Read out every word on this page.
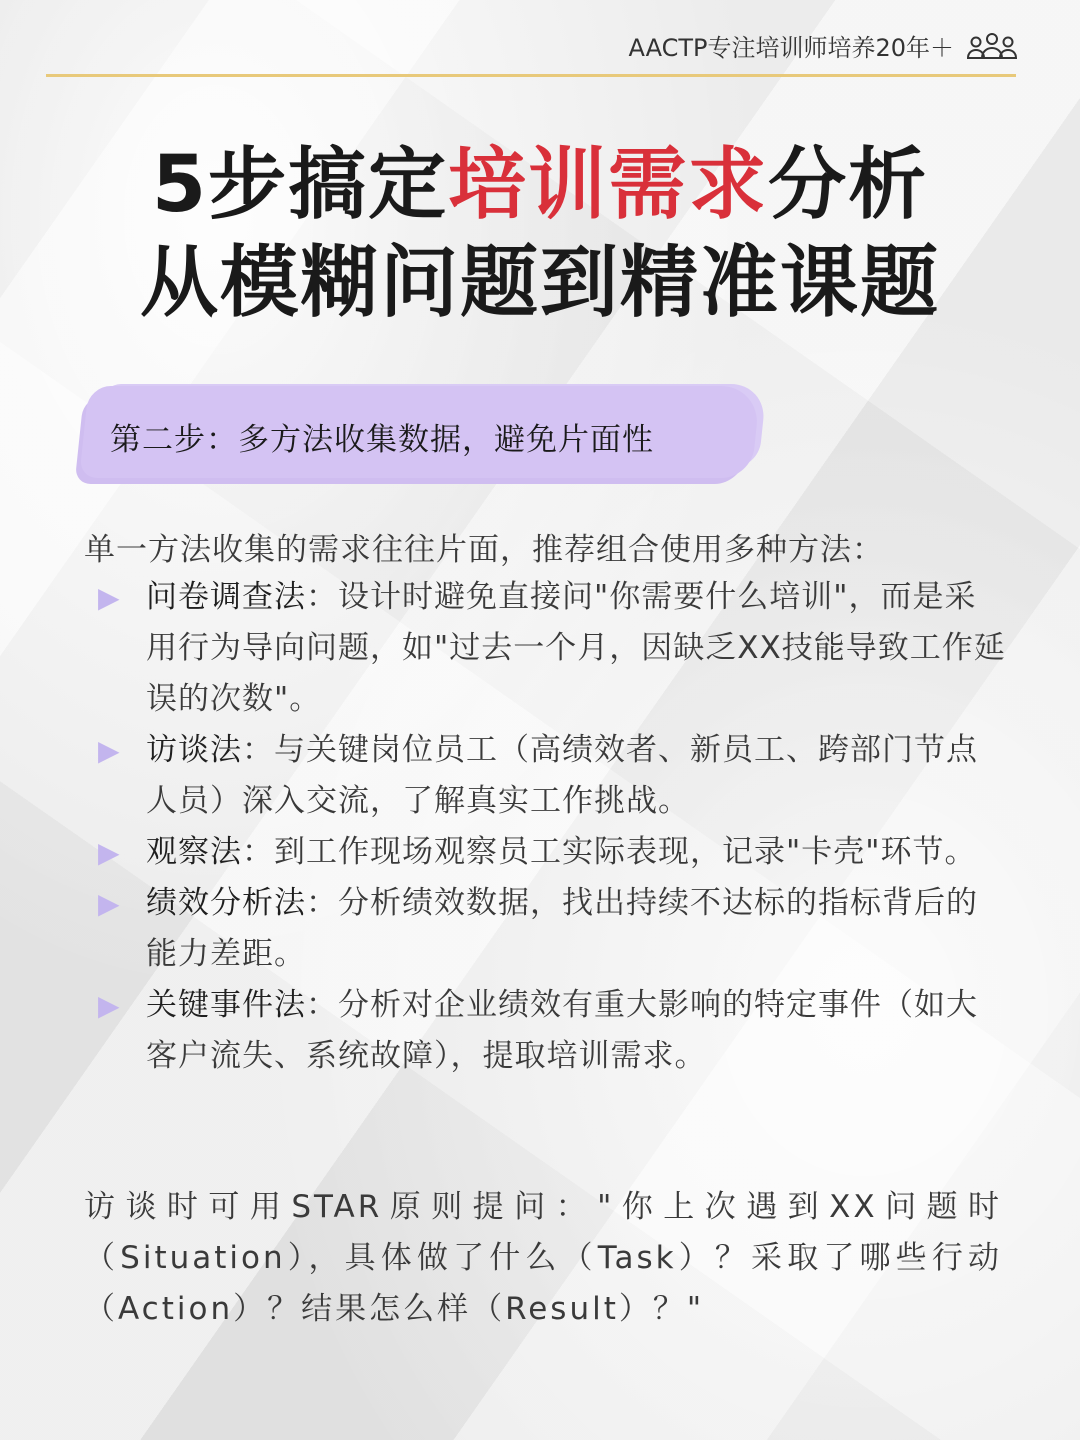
AACTP专注培训师培养20年＋
5步搞定培训需求分析
从模糊问题到精准课题
第二步：多方法收集数据，避免片面性
单一方法收集的需求往往片面，推荐组合使用多种方法：
▶ 问卷调查法：设计时避免直接问"你需要什么培训"，而是采用行为导向问题，如"过去一个月，因缺乏XX技能导致工作延误的次数"。
▶ 访谈法：与关键岗位员工（高绩效者、新员工、跨部门节点人员）深入交流，了解真实工作挑战。
▶ 观察法：到工作现场观察员工实际表现，记录"卡壳"环节。
▶ 绩效分析法：分析绩效数据，找出持续不达标的指标背后的能力差距。
▶ 关键事件法：分析对企业绩效有重大影响的特定事件（如大客户流失、系统故障），提取培训需求。
访谈时可用STAR原则提问："你上次遇到XX问题时（Situation），具体做了什么（Task）？采取了哪些行动（Action）？结果怎么样（Result）？"
